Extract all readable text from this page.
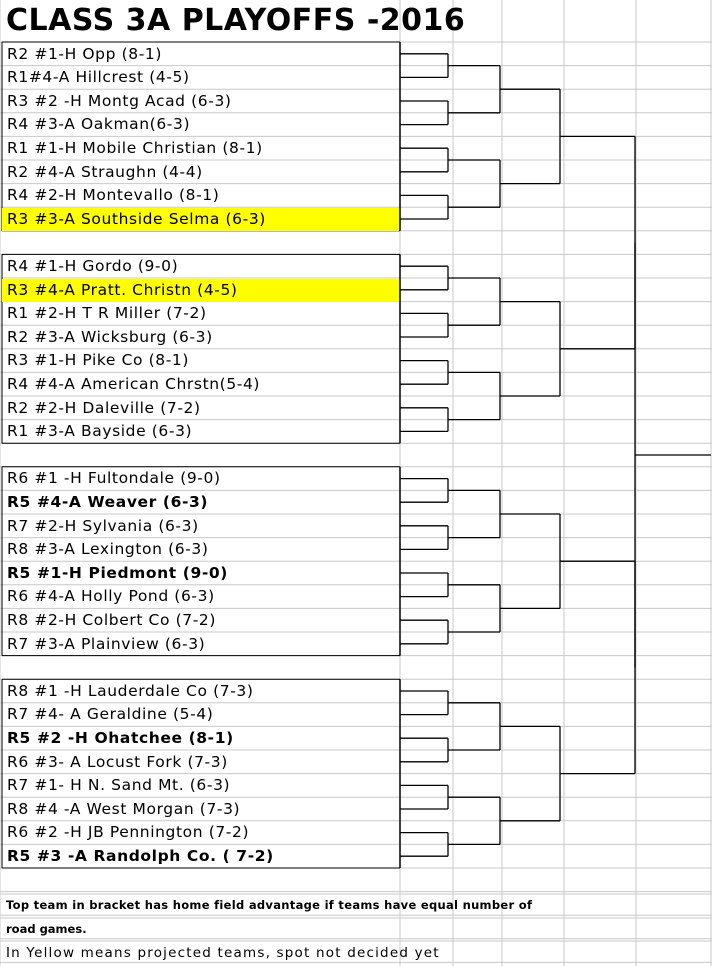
CLASS 3A PLAYOFFS -2016
R2 #1-H Opp (8-1)
R1#4-A Hillcrest (4-5)
R3 #2 -H Montg Acad (6-3)
R4 #3-A Oakman(6-3)
R1 #1-H Mobile Christian (8-1)
R2 #4-A Straughn (4-4)
R4 #2-H Montevallo (8-1)
R3 #3-A Southside Selma (6-3)
R4 #1-H Gordo (9-0)
R3 #4-A Pratt. Christn (4-5)
R1 #2-H T R Miller (7-2)
R2 #3-A Wicksburg (6-3)
R3 #1-H Pike Co (8-1)
R4 #4-A American Chrstn(5-4)
R2 #2-H Daleville (7-2)
R1 #3-A Bayside (6-3)
R6 #1 -H Fultondale (9-0)
R5 #4-A Weaver (6-3)
R7 #2-H Sylvania (6-3)
R8 #3-A Lexington (6-3)
R5 #1-H Piedmont (9-0)
R6 #4-A Holly Pond (6-3)
R8 #2-H Colbert Co (7-2)
R7 #3-A Plainview (6-3)
R8 #1 -H Lauderdale Co (7-3)
R7 #4- A Geraldine (5-4)
R5 #2 -H Ohatchee (8-1)
R6 #3- A Locust Fork (7-3)
R7 #1- H N. Sand Mt. (6-3)
R8 #4 -A West Morgan (7-3)
R6 #2 -H JB Pennington (7-2)
R5 #3 -A Randolph Co. ( 7-2)
Top team in bracket has home field advantage if teams have equal number of
road games.
In Yellow means projected teams, spot not decided yet
